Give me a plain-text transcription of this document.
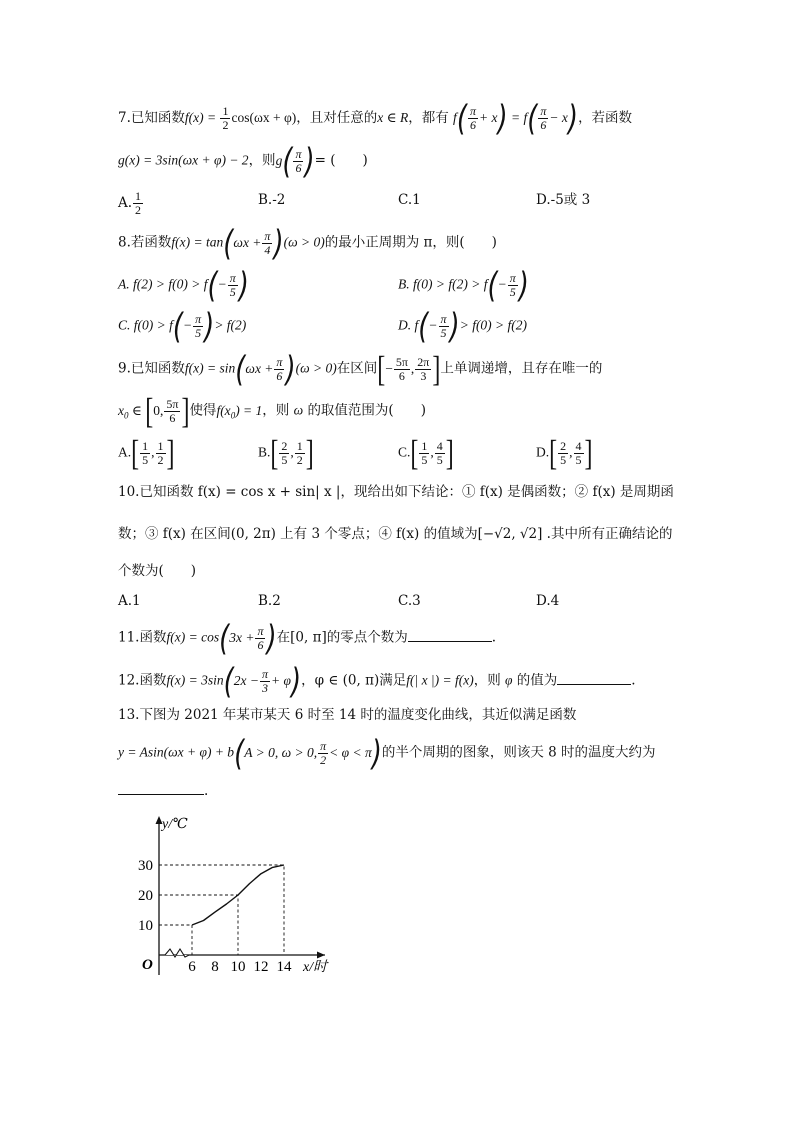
7.已知函数$f(x) = \frac{1}{2} \cos(\omega x + \varphi)$，且对任意的x ∈ R，都有 $f( \frac{\pi}{6} + x) = f( \frac{\pi}{6} - x)$，若函数
g(x) = 3sin(ωx + φ) − 2，则$g( \frac{\pi}{6}$ )= (　　)
A. $\frac{1}{2}$	B.-2	C.1	D.-5或 3
8.若函数$f(x) = \tan(\omega x + \frac{\pi}{4} )(\omega > 0)$的最小正周期为 π，则(　　)
A. $f(2) > f(0) > f(- \frac{\pi}{5}$ )	B. $f(0) > f(2) > f(- \frac{\pi}{5}$ )
C. $f(0) > f(- \frac{\pi}{5}$ )> f(2)	D. $f(- \frac{\pi}{5}$ )> f(0) > f(2)
9.已知函数$f(x) = \sin(\omega x + \frac{\pi}{6} )(\omega > 0)$在区间[− $\frac{5\pi}{6}$ , $\frac{2\pi}{3}$ ]上单调递增，且存在唯一的
$x_0$ ∈ [0, $\frac{5\pi}{6}$ ]使得$f(x_0) = 1$，则 ω 的取值范围为(　　)
$A.[ \frac{1}{5}$ , $\frac{1}{2}$ ]	$B.[ \frac{2}{5}$ , $\frac{1}{2}$ ]	$C.[ \frac{1}{5}$ , $\frac{4}{5}$ ]	$D.[ \frac{2}{5}$ , $\frac{4}{5}$ ]
10.已知函数 f(x) = cos x + sin| x |，现给出如下结论：① f(x) 是偶函数；② f(x) 是周期函
数；③ f(x) 在区间(0, 2π) 上有 3 个零点；④ f(x) 的值域为[−√2, √2] .其中所有正确结论的
个数为(　　)
A.1	B.2	C.3	D.4
11.函数$f(x) = \cos(3x + \frac{\pi}{6}$ )在[0, π]的零点个数为	.
12.函数$f(x) = 3\sin(2x - \frac{\pi}{3} + \varphi)$，φ ∈ (0, π)满足f(| x |) = f(x)，则 φ 的值为	.
13.下图为 2021 年某市某天 6 时至 14 时的温度变化曲线，其近似满足函数
y = Asin(ωx + φ) + b(A > 0, ω > 0, $\frac{\pi}{2} < \varphi < \pi$)的半个周期的图象，则该天 8 时的温度大约为
.
y/℃
x/时
O 6 8 10 12 14
10
20
30
